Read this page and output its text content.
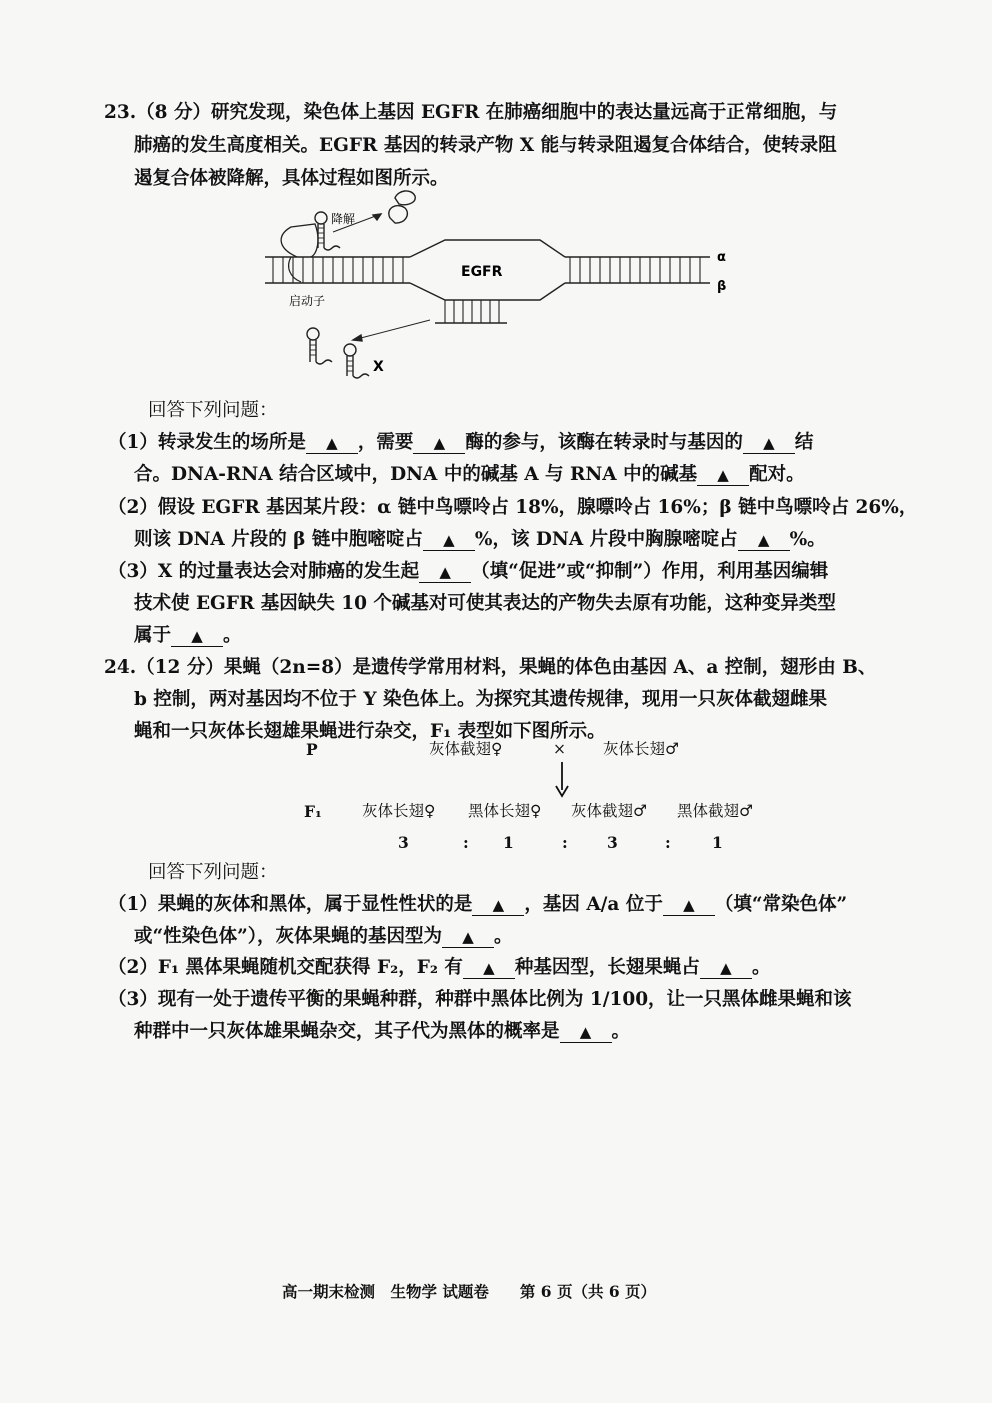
23.（8 分）研究发现，染色体上基因 EGFR 在肺癌细胞中的表达量远高于正常细胞，与
肺癌的发生高度相关。EGFR 基因的转录产物 X 能与转录阻遏复合体结合，使转录阻
遏复合体被降解，具体过程如图所示。
降解
EGFR
启动子
α
β
X
回答下列问题：
（1）转录发生的场所是 ▲ ，需要 ▲ 酶的参与，该酶在转录时与基因的 ▲ 结
合。DNA-RNA 结合区域中，DNA 中的碱基 A 与 RNA 中的碱基 ▲ 配对。
（2）假设 EGFR 基因某片段：α 链中鸟嘌呤占 18%，腺嘌呤占 16%；β 链中鸟嘌呤占 26%，
则该 DNA 片段的 β 链中胞嘧啶占 ▲ %，该 DNA 片段中胸腺嘧啶占 ▲ %。
（3）X 的过量表达会对肺癌的发生起 ▲ （填“促进”或“抑制”）作用，利用基因编辑
技术使 EGFR 基因缺失 10 个碱基对可使其表达的产物失去原有功能，这种变异类型
属于 ▲ 。
24.（12 分）果蝇（2n=8）是遗传学常用材料，果蝇的体色由基因 A、a 控制，翅形由 B、
b 控制，两对基因均不位于 Y 染色体上。为探究其遗传规律，现用一只灰体截翅雌果
蝇和一只灰体长翅雄果蝇进行杂交，F₁ 表型如下图所示。
P	灰体截翅♀	× 灰体长翅♂
F₁	灰体长翅♀ 黑体长翅♀ 灰体截翅♂ 黑体截翅♂
3	: 1	:	3	:	1
回答下列问题：
（1）果蝇的灰体和黑体，属于显性性状的是 ▲ ，基因 A/a 位于 ▲ （填“常染色体”
或“性染色体”），灰体果蝇的基因型为 ▲ 。
（2）F₁ 黑体果蝇随机交配获得 F₂，F₂ 有 ▲ 种基因型，长翅果蝇占 ▲ 。
（3）现有一处于遗传平衡的果蝇种群，种群中黑体比例为 1/100，让一只黑体雌果蝇和该
种群中一只灰体雄果蝇杂交，其子代为黑体的概率是 ▲ 。
高一期末检测　生物学 试题卷　　第 6 页（共 6 页）
